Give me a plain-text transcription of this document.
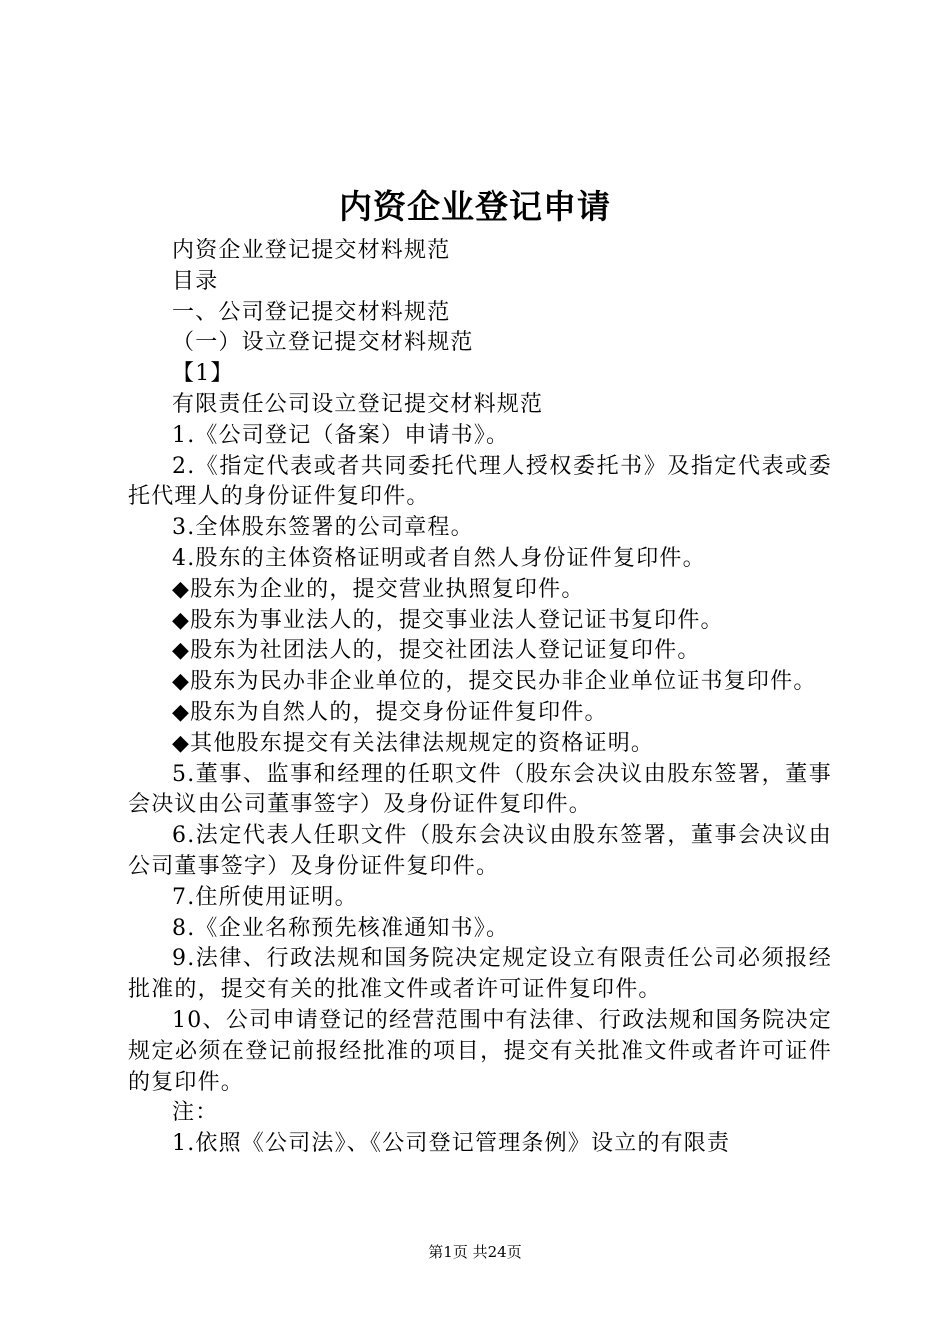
内资企业登记申请

内资企业登记提交材料规范

目录

一、公司登记提交材料规范

（一）设立登记提交材料规范

【1】

有限责任公司设立登记提交材料规范

1.《公司登记（备案）申请书》。

2.《指定代表或者共同委托代理人授权委托书》及指定代表或委托代理人的身份证件复印件。

3.全体股东签署的公司章程。

4.股东的主体资格证明或者自然人身份证件复印件。

◆股东为企业的，提交营业执照复印件。

◆股东为事业法人的，提交事业法人登记证书复印件。

◆股东为社团法人的，提交社团法人登记证复印件。

◆股东为民办非企业单位的，提交民办非企业单位证书复印件。

◆股东为自然人的，提交身份证件复印件。

◆其他股东提交有关法律法规规定的资格证明。

5.董事、监事和经理的任职文件（股东会决议由股东签署，董事会决议由公司董事签字）及身份证件复印件。

6.法定代表人任职文件（股东会决议由股东签署，董事会决议由公司董事签字）及身份证件复印件。

7.住所使用证明。

8.《企业名称预先核准通知书》。

9.法律、行政法规和国务院决定规定设立有限责任公司必须报经批准的，提交有关的批准文件或者许可证件复印件。

10、公司申请登记的经营范围中有法律、行政法规和国务院决定规定必须在登记前报经批准的项目，提交有关批准文件或者许可证件的复印件。

注：

1.依照《公司法》、《公司登记管理条例》设立的有限责

第1页 共24页
